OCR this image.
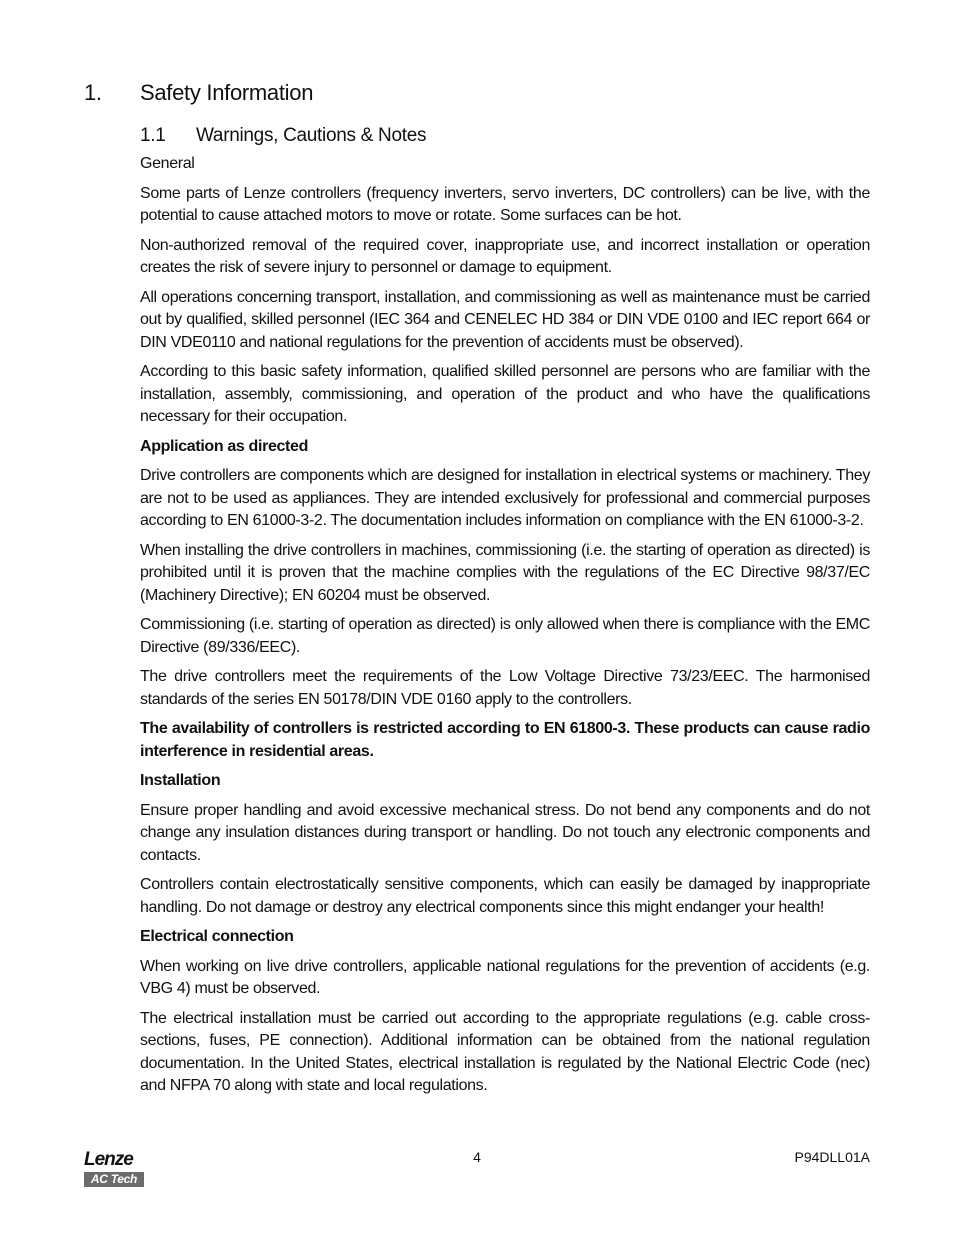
1. Safety Information
1.1 Warnings, Cautions & Notes
General

Some parts of Lenze controllers (frequency inverters, servo inverters, DC controllers) can be live, with the potential to cause attached motors to move or rotate. Some surfaces can be hot.

Non-authorized removal of the required cover, inappropriate use, and incorrect installation or operation creates the risk of severe injury to personnel or damage to equipment.

All operations concerning transport, installation, and commissioning as well as maintenance must be carried out by qualified, skilled personnel (IEC 364 and CENELEC HD 384 or DIN VDE 0100 and IEC report 664 or DIN VDE0110 and national regulations for the prevention of accidents must be observed).

According to this basic safety information, qualified skilled personnel are persons who are familiar with the installation, assembly, commissioning, and operation of the product and who have the qualifications necessary for their occupation.

Application as directed

Drive controllers are components which are designed for installation in electrical systems or machinery. They are not to be used as appliances. They are intended exclusively for professional and commercial purposes according to EN 61000-3-2. The documentation includes information on compliance with the EN 61000-3-2.

When installing the drive controllers in machines, commissioning (i.e. the starting of operation as directed) is prohibited until it is proven that the machine complies with the regulations of the EC Directive 98/37/EC (Machinery Directive); EN 60204 must be observed.

Commissioning (i.e. starting of operation as directed) is only allowed when there is compliance with the EMC Directive (89/336/EEC).

The drive controllers meet the requirements of the Low Voltage Directive 73/23/EEC. The harmonised standards of the series EN 50178/DIN VDE 0160 apply to the controllers.

The availability of controllers is restricted according to EN 61800-3. These products can cause radio interference in residential areas.

Installation

Ensure proper handling and avoid excessive mechanical stress. Do not bend any components and do not change any insulation distances during transport or handling. Do not touch any electronic components and contacts.

Controllers contain electrostatically sensitive components, which can easily be damaged by inappropriate handling. Do not damage or destroy any electrical components since this might endanger your health!

Electrical connection

When working on live drive controllers, applicable national regulations for the prevention of accidents (e.g. VBG 4) must be observed.

The electrical installation must be carried out according to the appropriate regulations (e.g. cable cross-sections, fuses, PE connection). Additional information can be obtained from the national regulation documentation. In the United States, electrical installation is regulated by the National Electric Code (nec) and NFPA 70 along with state and local regulations.

Lenze
AC Tech
4	P94DLL01A
